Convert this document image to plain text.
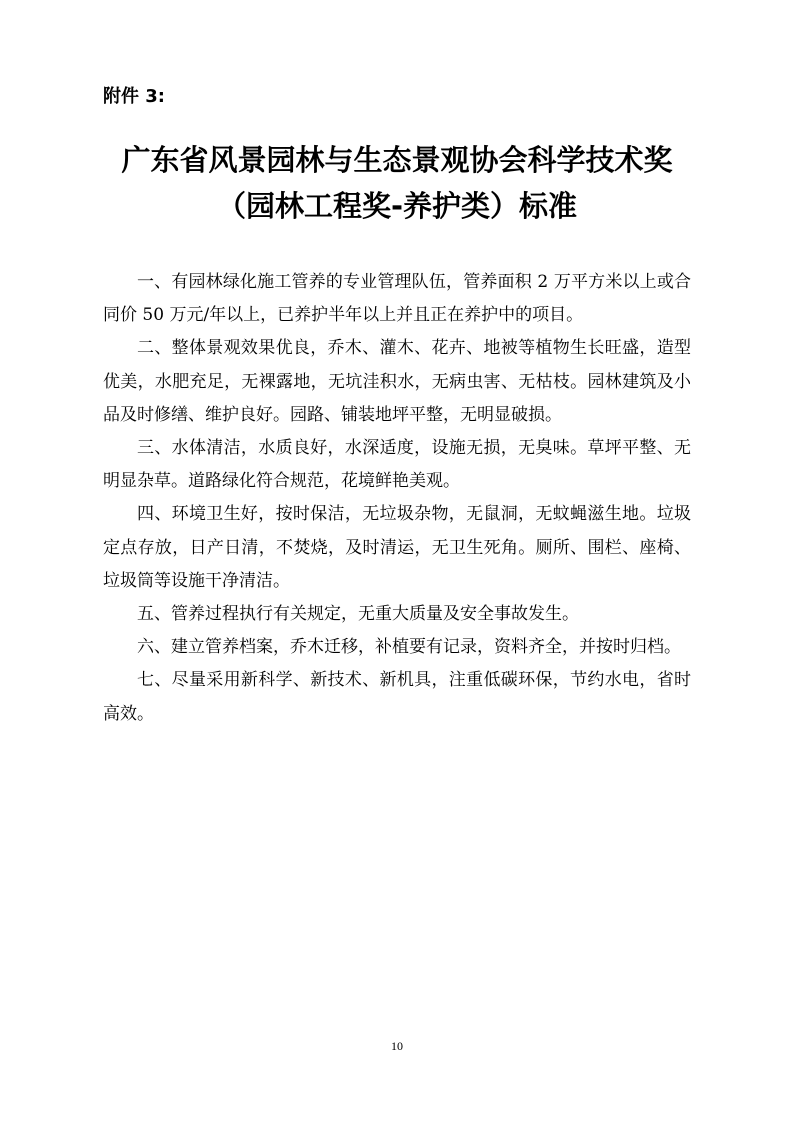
附件 3:

广东省风景园林与生态景观协会科学技术奖
（园林工程奖-养护类）标准

一、有园林绿化施工管养的专业管理队伍，管养面积 2 万平方米以上或合同价 50 万元/年以上，已养护半年以上并且正在养护中的项目。

二、整体景观效果优良，乔木、灌木、花卉、地被等植物生长旺盛，造型优美，水肥充足，无裸露地，无坑洼积水，无病虫害、无枯枝。园林建筑及小品及时修缮、维护良好。园路、铺装地坪平整，无明显破损。

三、水体清洁，水质良好，水深适度，设施无损，无臭味。草坪平整、无明显杂草。道路绿化符合规范，花境鲜艳美观。

四、环境卫生好，按时保洁，无垃圾杂物，无鼠洞，无蚊蝇滋生地。垃圾定点存放，日产日清，不焚烧，及时清运，无卫生死角。厕所、围栏、座椅、垃圾筒等设施干净清洁。

五、管养过程执行有关规定，无重大质量及安全事故发生。

六、建立管养档案，乔木迁移，补植要有记录，资料齐全，并按时归档。

七、尽量采用新科学、新技术、新机具，注重低碳环保，节约水电，省时高效。

10
